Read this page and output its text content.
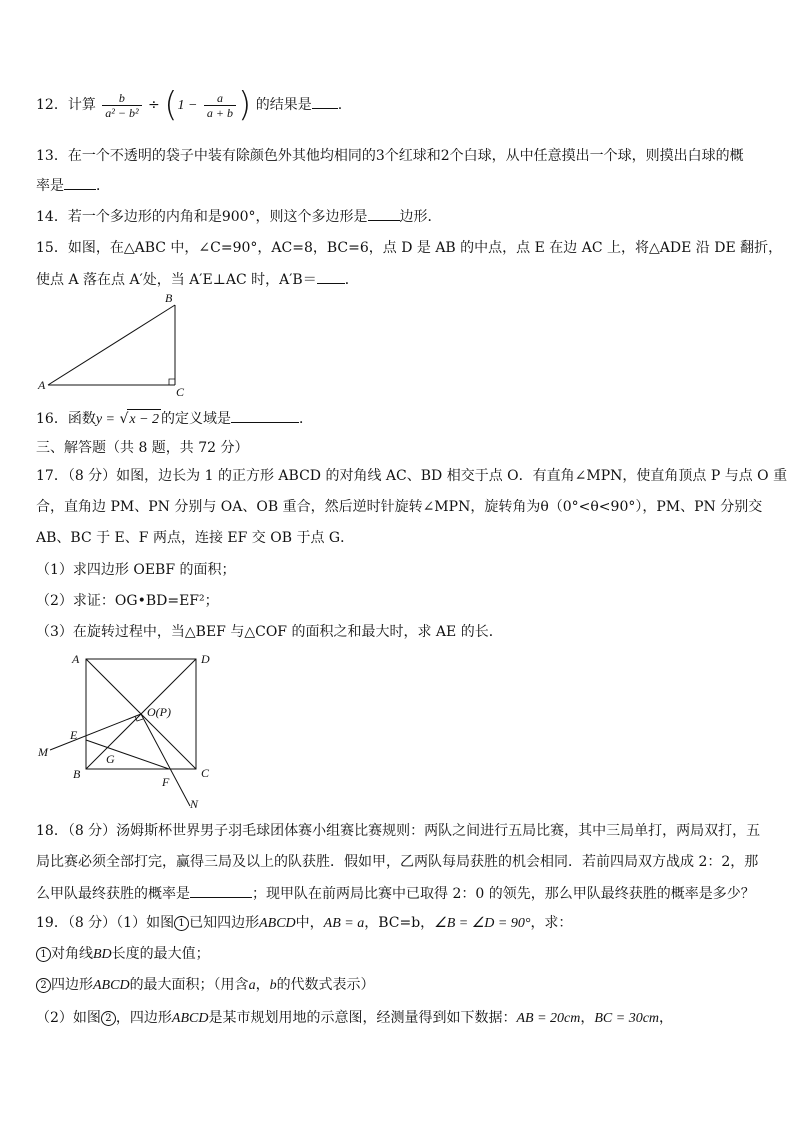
12．计算 $\frac{b}{\text{a² − b²}} \div (1 - \frac{a}{a + b}$ ) 的结果是 .
13．在一个不透明的袋子中装有除颜色外其他均相同的3个红球和2个白球，从中任意摸出一个球，则摸出白球的概
率是 ．
14．若一个多边形的内角和是900°，则这个多边形是 边形．
15．如图，在△ABC 中，∠C=90°，AC=8，BC=6，点 D 是 AB 的中点，点 E 在边 AC 上，将△ADE 沿 DE 翻折，
使点 A 落在点 A′处，当 A′E⊥AC 时，A′B＝ ．
A
B
C
16．函数y = √x − 2 的定义域是	．
三、解答题（共 8 题，共 72 分）
17．（8 分）如图，边长为 1 的正方形 ABCD 的对角线 AC、BD 相交于点 O．有直角∠MPN，使直角顶点 P 与点 O 重
合，直角边 PM、PN 分别与 OA、OB 重合，然后逆时针旋转∠MPN，旋转角为θ（0°<θ<90°），PM、PN 分别交
AB、BC 于 E、F 两点，连接 EF 交 OB 于点 G．
（1）求四边形 OEBF 的面积；
（2）求证：OG•BD=EF²；
（3）在旋转过程中，当△BEF 与△COF 的面积之和最大时，求 AE 的长．
A	D
O(P)
E
M	G
B
F
C
N
18．（8 分）汤姆斯杯世界男子羽毛球团体赛小组赛比赛规则：两队之间进行五局比赛，其中三局单打，两局双打，五
局比赛必须全部打完，赢得三局及以上的队获胜．假如甲，乙两队每局获胜的机会相同．若前四局双方战成 2：2，那
么甲队最终获胜的概率是	；现甲队在前两局比赛中已取得 2：0 的领先，那么甲队最终获胜的概率是多少？
19．（8 分）（1）如图 1 已知四边形ABCD中，AB = a，BC=b，∠B = ∠D = 90°，求：
1 对角线BD长度的最大值；
2 四边形ABCD的最大面积；（用含a，b的代数式表示）
（2）如图 2 ，四边形ABCD是某市规划用地的示意图，经测量得到如下数据：AB = 20cm，BC = 30cm，
